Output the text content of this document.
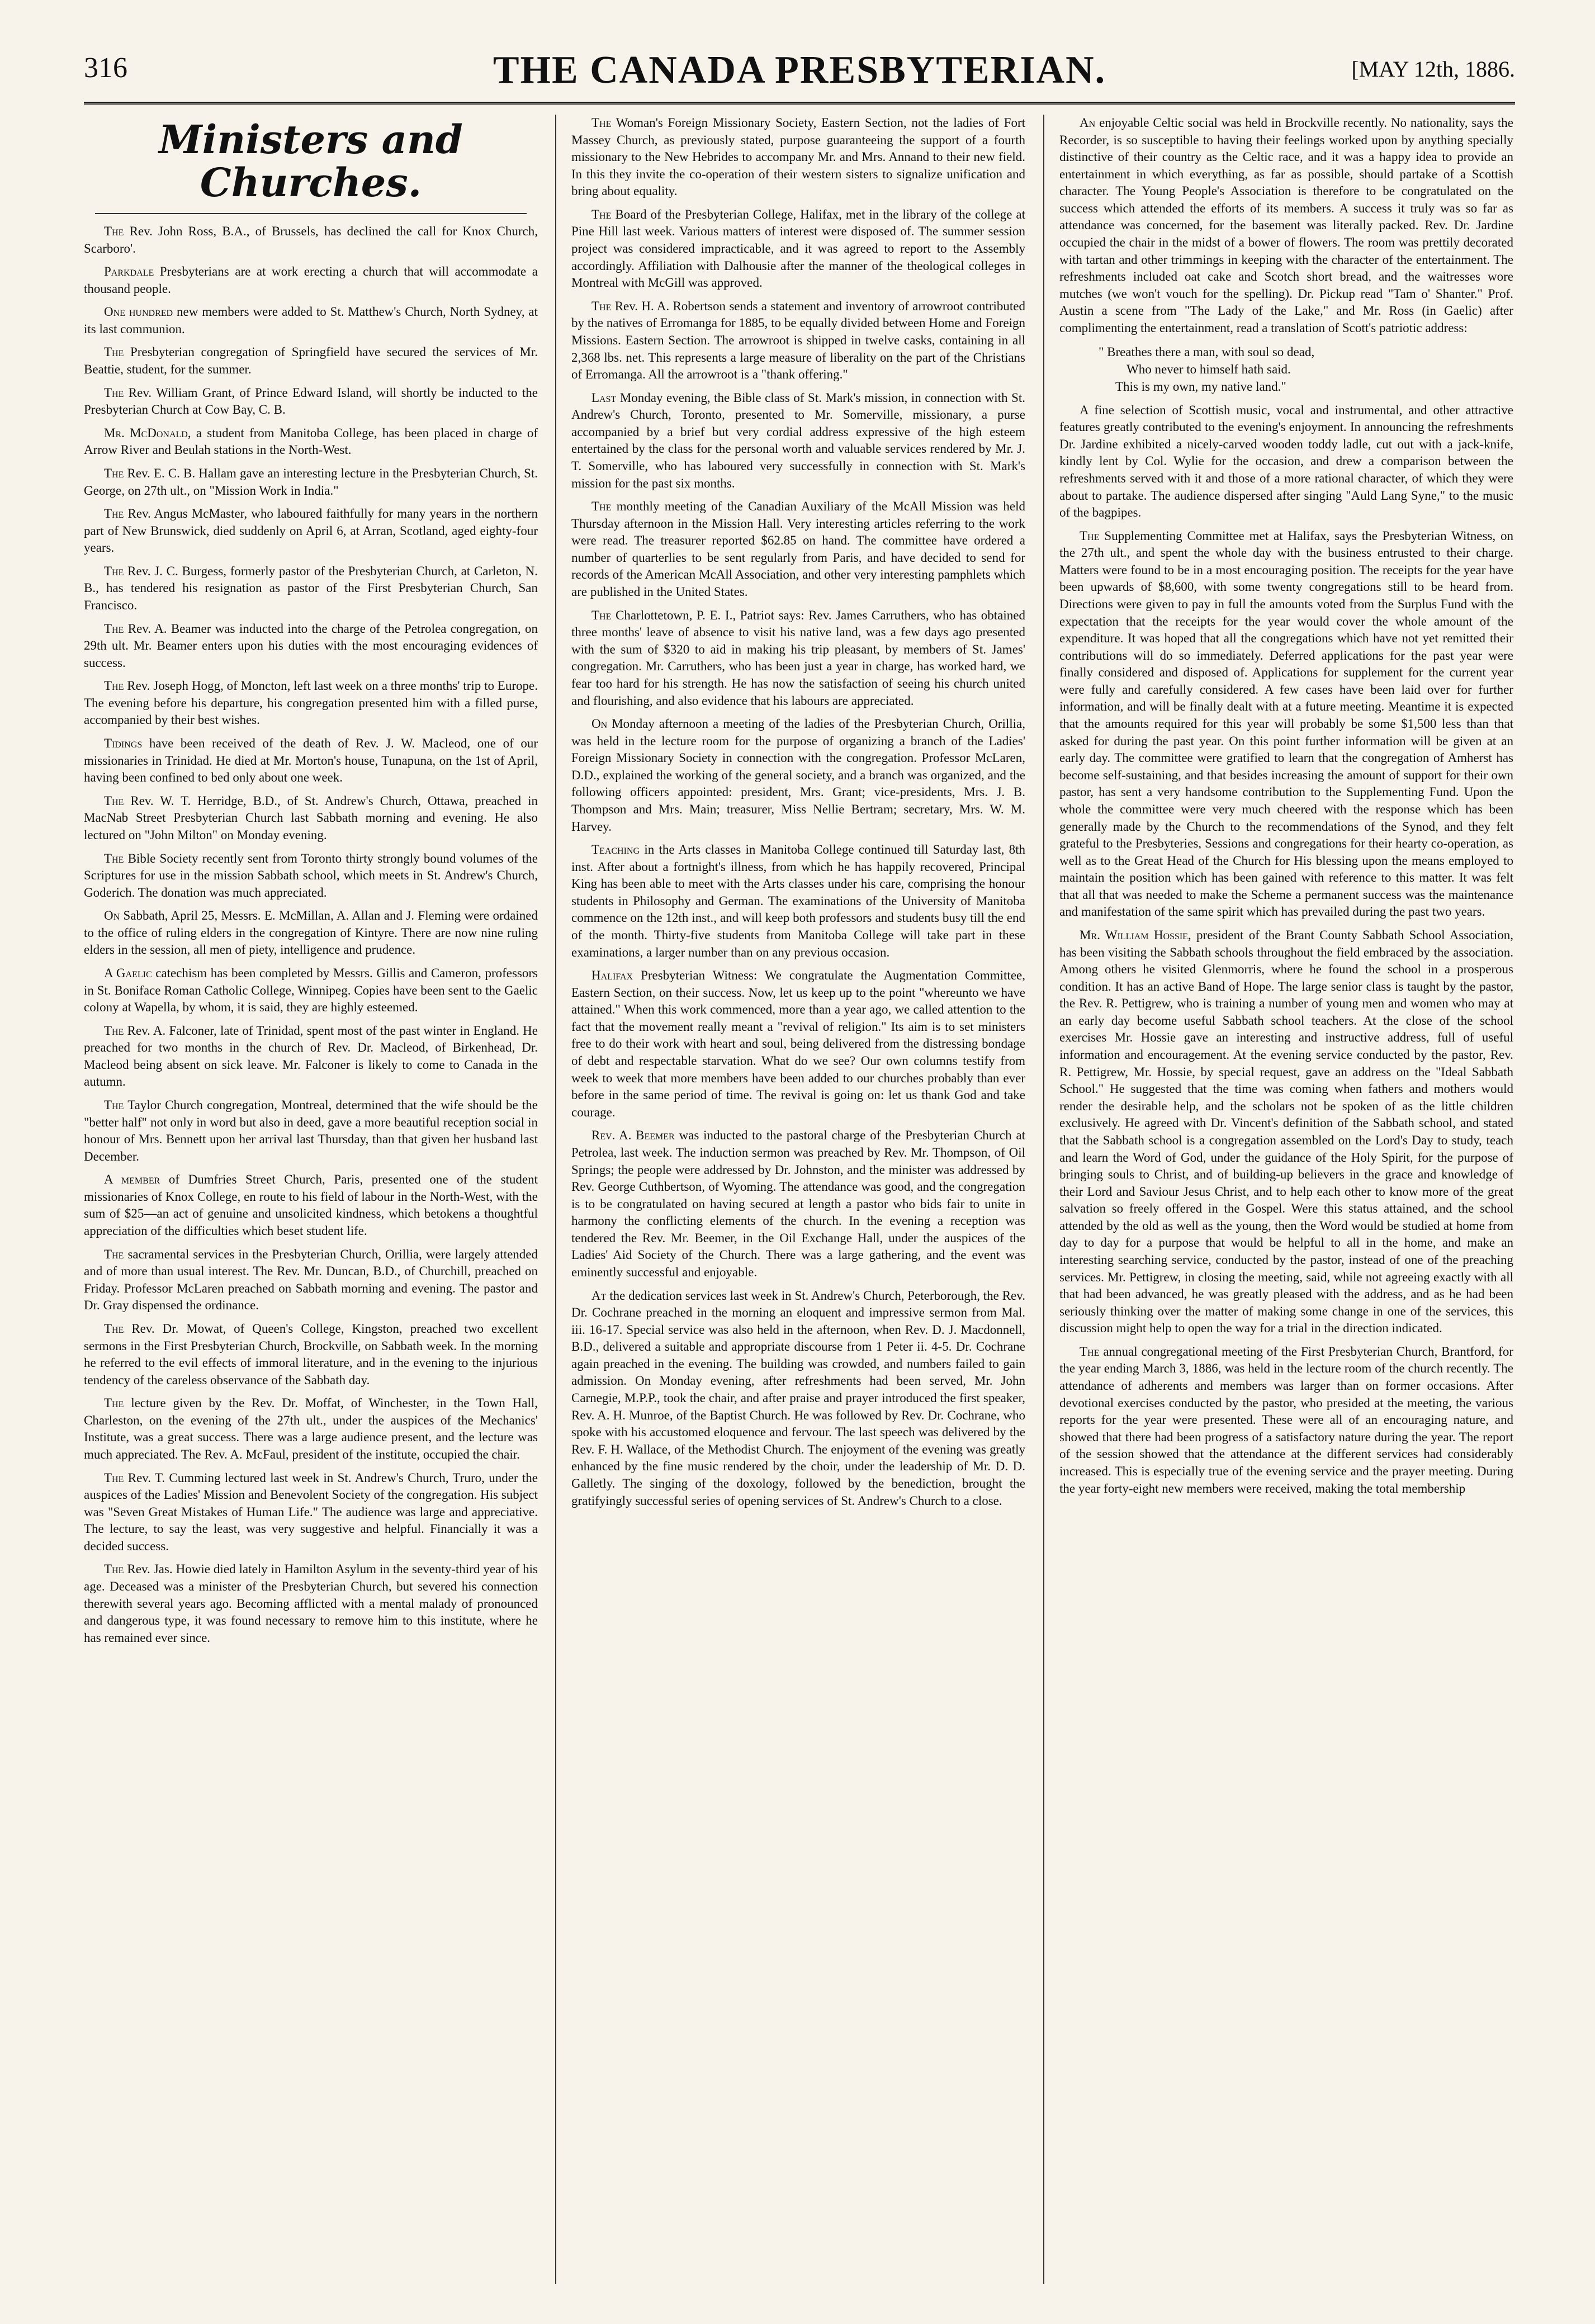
316	THE CANADA PRESBYTERIAN.	[MAY 12th, 1886.
Ministers and Churches.

The Rev. John Ross, B.A., of Brussels, has declined the call for Knox Church, Scarboro'.

Parkdale Presbyterians are at work erecting a church that will accommodate a thousand people.

One hundred new members were added to St. Matthew's Church, North Sydney, at its last communion.

The Presbyterian congregation of Springfield have secured the services of Mr. Beattie, student, for the summer.

The Rev. William Grant, of Prince Edward Island, will shortly be inducted to the Presbyterian Church at Cow Bay, C. B.

Mr. McDonald, a student from Manitoba College, has been placed in charge of Arrow River and Beulah stations in the North-West.

The Rev. E. C. B. Hallam gave an interesting lecture in the Presbyterian Church, St. George, on 27th ult., on "Mission Work in India."

The Rev. Angus McMaster, who laboured faithfully for many years in the northern part of New Brunswick, died suddenly on April 6, at Arran, Scotland, aged eighty-four years.

The Rev. J. C. Burgess, formerly pastor of the Presbyterian Church, at Carleton, N. B., has tendered his resignation as pastor of the First Presbyterian Church, San Francisco.

The Rev. A. Beamer was inducted into the charge of the Petrolea congregation, on 29th ult. Mr. Beamer enters upon his duties with the most encouraging evidences of success.

The Rev. Joseph Hogg, of Moncton, left last week on a three months' trip to Europe. The evening before his departure, his congregation presented him with a filled purse, accompanied by their best wishes.

Tidings have been received of the death of Rev. J. W. Macleod, one of our missionaries in Trinidad. He died at Mr. Morton's house, Tunapuna, on the 1st of April, having been confined to bed only about one week.

The Rev. W. T. Herridge, B.D., of St. Andrew's Church, Ottawa, preached in MacNab Street Presbyterian Church last Sabbath morning and evening. He also lectured on "John Milton" on Monday evening.

The Bible Society recently sent from Toronto thirty strongly bound volumes of the Scriptures for use in the mission Sabbath school, which meets in St. Andrew's Church, Goderich. The donation was much appreciated.

On Sabbath, April 25, Messrs. E. McMillan, A. Allan and J. Fleming were ordained to the office of ruling elders in the congregation of Kintyre. There are now nine ruling elders in the session, all men of piety, intelligence and prudence.

A Gaelic catechism has been completed by Messrs. Gillis and Cameron, professors in St. Boniface Roman Catholic College, Winnipeg. Copies have been sent to the Gaelic colony at Wapella, by whom, it is said, they are highly esteemed.

The Rev. A. Falconer, late of Trinidad, spent most of the past winter in England. He preached for two months in the church of Rev. Dr. Macleod, of Birkenhead, Dr. Macleod being absent on sick leave. Mr. Falconer is likely to come to Canada in the autumn.

The Taylor Church congregation, Montreal, determined that the wife should be the "better half" not only in word but also in deed, gave a more beautiful reception social in honour of Mrs. Bennett upon her arrival last Thursday, than that given her husband last December.

A member of Dumfries Street Church, Paris, presented one of the student missionaries of Knox College, en route to his field of labour in the North-West, with the sum of $25—an act of genuine and unsolicited kindness, which betokens a thoughtful appreciation of the difficulties which beset student life.

The sacramental services in the Presbyterian Church, Orillia, were largely attended and of more than usual interest. The Rev. Mr. Duncan, B.D., of Churchill, preached on Friday. Professor McLaren preached on Sabbath morning and evening. The pastor and Dr. Gray dispensed the ordinance.

The Rev. Dr. Mowat, of Queen's College, Kingston, preached two excellent sermons in the First Presbyterian Church, Brockville, on Sabbath week. In the morning he referred to the evil effects of immoral literature, and in the evening to the injurious tendency of the careless observance of the Sabbath day.

The lecture given by the Rev. Dr. Moffat, of Winchester, in the Town Hall, Charleston, on the evening of the 27th ult., under the auspices of the Mechanics' Institute, was a great success. There was a large audience present, and the lecture was much appreciated. The Rev. A. McFaul, president of the institute, occupied the chair.

The Rev. T. Cumming lectured last week in St. Andrew's Church, Truro, under the auspices of the Ladies' Mission and Benevolent Society of the congregation. His subject was "Seven Great Mistakes of Human Life." The audience was large and appreciative. The lecture, to say the least, was very suggestive and helpful. Financially it was a decided success.

The Rev. Jas. Howie died lately in Hamilton Asylum in the seventy-third year of his age. Deceased was a minister of the Presbyterian Church, but severed his connection therewith several years ago. Becoming afflicted with a mental malady of pronounced and dangerous type, it was found necessary to remove him to this institute, where he has remained ever since.

The Woman's Foreign Missionary Society, Eastern Section, not the ladies of Fort Massey Church, as previously stated, purpose guaranteeing the support of a fourth missionary to the New Hebrides to accompany Mr. and Mrs. Annand to their new field. In this they invite the co-operation of their western sisters to signalize unification and bring about equality.

The Board of the Presbyterian College, Halifax, met in the library of the college at Pine Hill last week. Various matters of interest were disposed of. The summer session project was considered impracticable, and it was agreed to report to the Assembly accordingly. Affiliation with Dalhousie after the manner of the theological colleges in Montreal with McGill was approved.

The Rev. H. A. Robertson sends a statement and inventory of arrowroot contributed by the natives of Erromanga for 1885, to be equally divided between Home and Foreign Missions. Eastern Section. The arrowroot is shipped in twelve casks, containing in all 2,368 lbs. net. This represents a large measure of liberality on the part of the Christians of Erromanga. All the arrowroot is a "thank offering."

Last Monday evening, the Bible class of St. Mark's mission, in connection with St. Andrew's Church, Toronto, presented to Mr. Somerville, missionary, a purse accompanied by a brief but very cordial address expressive of the high esteem entertained by the class for the personal worth and valuable services rendered by Mr. J. T. Somerville, who has laboured very successfully in connection with St. Mark's mission for the past six months.

The monthly meeting of the Canadian Auxiliary of the McAll Mission was held Thursday afternoon in the Mission Hall. Very interesting articles referring to the work were read. The treasurer reported $62.85 on hand. The committee have ordered a number of quarterlies to be sent regularly from Paris, and have decided to send for records of the American McAll Association, and other very interesting pamphlets which are published in the United States.

The Charlottetown, P. E. I., Patriot says: Rev. James Carruthers, who has obtained three months' leave of absence to visit his native land, was a few days ago presented with the sum of $320 to aid in making his trip pleasant, by members of St. James' congregation. Mr. Carruthers, who has been just a year in charge, has worked hard, we fear too hard for his strength. He has now the satisfaction of seeing his church united and flourishing, and also evidence that his labours are appreciated.

On Monday afternoon a meeting of the ladies of the Presbyterian Church, Orillia, was held in the lecture room for the purpose of organizing a branch of the Ladies' Foreign Missionary Society in connection with the congregation. Professor McLaren, D.D., explained the working of the general society, and a branch was organized, and the following officers appointed: president, Mrs. Grant; vice-presidents, Mrs. J. B. Thompson and Mrs. Main; treasurer, Miss Nellie Bertram; secretary, Mrs. W. M. Harvey.

Teaching in the Arts classes in Manitoba College continued till Saturday last, 8th inst. After about a fortnight's illness, from which he has happily recovered, Principal King has been able to meet with the Arts classes under his care, comprising the honour students in Philosophy and German. The examinations of the University of Manitoba commence on the 12th inst., and will keep both professors and students busy till the end of the month. Thirty-five students from Manitoba College will take part in these examinations, a larger number than on any previous occasion.

Halifax Presbyterian Witness: We congratulate the Augmentation Committee, Eastern Section, on their success. Now, let us keep up to the point "whereunto we have attained." When this work commenced, more than a year ago, we called attention to the fact that the movement really meant a "revival of religion." Its aim is to set ministers free to do their work with heart and soul, being delivered from the distressing bondage of debt and respectable starvation. What do we see? Our own columns testify from week to week that more members have been added to our churches probably than ever before in the same period of time. The revival is going on: let us thank God and take courage.

Rev. A. Beemer was inducted to the pastoral charge of the Presbyterian Church at Petrolea, last week. The induction sermon was preached by Rev. Mr. Thompson, of Oil Springs; the people were addressed by Dr. Johnston, and the minister was addressed by Rev. George Cuthbertson, of Wyoming. The attendance was good, and the congregation is to be congratulated on having secured at length a pastor who bids fair to unite in harmony the conflicting elements of the church. In the evening a reception was tendered the Rev. Mr. Beemer, in the Oil Exchange Hall, under the auspices of the Ladies' Aid Society of the Church. There was a large gathering, and the event was eminently successful and enjoyable.

At the dedication services last week in St. Andrew's Church, Peterborough, the Rev. Dr. Cochrane preached in the morning an eloquent and impressive sermon from Mal. iii. 16-17. Special service was also held in the afternoon, when Rev. D. J. Macdonnell, B.D., delivered a suitable and appropriate discourse from 1 Peter ii. 4-5. Dr. Cochrane again preached in the evening. The building was crowded, and numbers failed to gain admission. On Monday evening, after refreshments had been served, Mr. John Carnegie, M.P.P., took the chair, and after praise and prayer introduced the first speaker, Rev. A. H. Munroe, of the Baptist Church. He was followed by Rev. Dr. Cochrane, who spoke with his accustomed eloquence and fervour. The last speech was delivered by the Rev. F. H. Wallace, of the Methodist Church. The enjoyment of the evening was greatly enhanced by the fine music rendered by the choir, under the leadership of Mr. D. D. Galletly. The singing of the doxology, followed by the benediction, brought the gratifyingly successful series of opening services of St. Andrew's Church to a close.

An enjoyable Celtic social was held in Brockville recently. No nationality, says the Recorder, is so susceptible to having their feelings worked upon by anything specially distinctive of their country as the Celtic race, and it was a happy idea to provide an entertainment in which everything, as far as possible, should partake of a Scottish character. The Young People's Association is therefore to be congratulated on the success which attended the efforts of its members. A success it truly was so far as attendance was concerned, for the basement was literally packed. Rev. Dr. Jardine occupied the chair in the midst of a bower of flowers. The room was prettily decorated with tartan and other trimmings in keeping with the character of the entertainment. The refreshments included oat cake and Scotch short bread, and the waitresses wore mutches (we won't vouch for the spelling). Dr. Pickup read "Tam o' Shanter." Prof. Austin a scene from "The Lady of the Lake," and Mr. Ross (in Gaelic) after complimenting the entertainment, read a translation of Scott's patriotic address:

" Breathes there a man, with soul so dead,
Who never to himself hath said.
This is my own, my native land."

A fine selection of Scottish music, vocal and instrumental, and other attractive features greatly contributed to the evening's enjoyment. In announcing the refreshments Dr. Jardine exhibited a nicely-carved wooden toddy ladle, cut out with a jack-knife, kindly lent by Col. Wylie for the occasion, and drew a comparison between the refreshments served with it and those of a more rational character, of which they were about to partake. The audience dispersed after singing "Auld Lang Syne," to the music of the bagpipes.

The Supplementing Committee met at Halifax, says the Presbyterian Witness, on the 27th ult., and spent the whole day with the business entrusted to their charge. Matters were found to be in a most encouraging position. The receipts for the year have been upwards of $8,600, with some twenty congregations still to be heard from. Directions were given to pay in full the amounts voted from the Surplus Fund with the expectation that the receipts for the year would cover the whole amount of the expenditure. It was hoped that all the congregations which have not yet remitted their contributions will do so immediately. Deferred applications for the past year were finally considered and disposed of. Applications for supplement for the current year were fully and carefully considered. A few cases have been laid over for further information, and will be finally dealt with at a future meeting. Meantime it is expected that the amounts required for this year will probably be some $1,500 less than that asked for during the past year. On this point further information will be given at an early day. The committee were gratified to learn that the congregation of Amherst has become self-sustaining, and that besides increasing the amount of support for their own pastor, has sent a very handsome contribution to the Supplementing Fund. Upon the whole the committee were very much cheered with the response which has been generally made by the Church to the recommendations of the Synod, and they felt grateful to the Presbyteries, Sessions and congregations for their hearty co-operation, as well as to the Great Head of the Church for His blessing upon the means employed to maintain the position which has been gained with reference to this matter. It was felt that all that was needed to make the Scheme a permanent success was the maintenance and manifestation of the same spirit which has prevailed during the past two years.

Mr. William Hossie, president of the Brant County Sabbath School Association, has been visiting the Sabbath schools throughout the field embraced by the association. Among others he visited Glenmorris, where he found the school in a prosperous condition. It has an active Band of Hope. The large senior class is taught by the pastor, the Rev. R. Pettigrew, who is training a number of young men and women who may at an early day become useful Sabbath school teachers. At the close of the school exercises Mr. Hossie gave an interesting and instructive address, full of useful information and encouragement. At the evening service conducted by the pastor, Rev. R. Pettigrew, Mr. Hossie, by special request, gave an address on the "Ideal Sabbath School." He suggested that the time was coming when fathers and mothers would render the desirable help, and the scholars not be spoken of as the little children exclusively. He agreed with Dr. Vincent's definition of the Sabbath school, and stated that the Sabbath school is a congregation assembled on the Lord's Day to study, teach and learn the Word of God, under the guidance of the Holy Spirit, for the purpose of bringing souls to Christ, and of building-up believers in the grace and knowledge of their Lord and Saviour Jesus Christ, and to help each other to know more of the great salvation so freely offered in the Gospel. Were this status attained, and the school attended by the old as well as the young, then the Word would be studied at home from day to day for a purpose that would be helpful to all in the home, and make an interesting searching service, conducted by the pastor, instead of one of the preaching services. Mr. Pettigrew, in closing the meeting, said, while not agreeing exactly with all that had been advanced, he was greatly pleased with the address, and as he had been seriously thinking over the matter of making some change in one of the services, this discussion might help to open the way for a trial in the direction indicated.

The annual congregational meeting of the First Presbyterian Church, Brantford, for the year ending March 3, 1886, was held in the lecture room of the church recently. The attendance of adherents and members was larger than on former occasions. After devotional exercises conducted by the pastor, who presided at the meeting, the various reports for the year were presented. These were all of an encouraging nature, and showed that there had been progress of a satisfactory nature during the year. The report of the session showed that the attendance at the different services had considerably increased. This is especially true of the evening service and the prayer meeting. During the year forty-eight new members were received, making the total membership
